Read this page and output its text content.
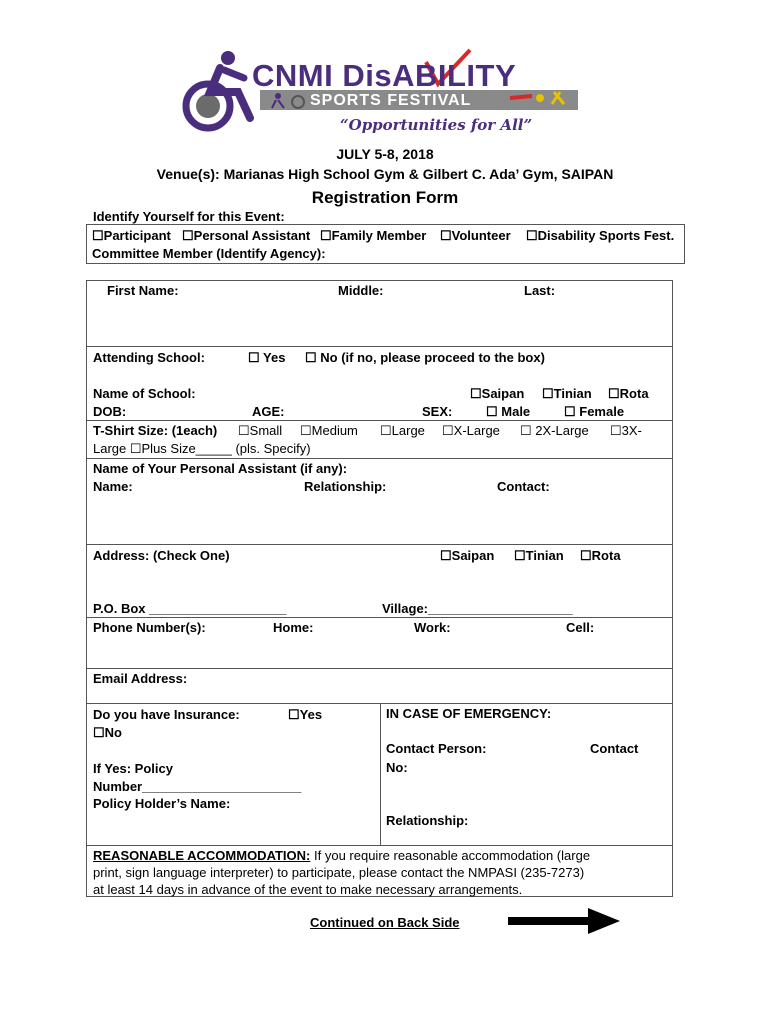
CNMI DisABILITY
SPORTS FESTIVAL
“Opportunities for All”
JULY 5-8, 2018
Venue(s): Marianas High School Gym & Gilbert C. Ada’ Gym, SAIPAN
Registration Form
Identify Yourself for this Event:
☐Participant ☐Personal Assistant ☐Family Member ☐Volunteer ☐Disability Sports Fest.
Committee Member (Identify Agency):
First Name:	Middle:	Last:
Attending School:	☐ Yes ☐ No (if no, please proceed to the box)
Name of School:	☐Saipan ☐Tinian ☐Rota
DOB:	AGE:	SEX:	☐ Male	☐ Female
T-Shirt Size: (1each) ☐Small ☐Medium ☐Large ☐X-Large ☐ 2X-Large ☐3X-
Large ☐Plus Size_____ (pls. Specify)
Name of Your Personal Assistant (if any):
Name:	Relationship:	Contact:
Address: (Check One)	☐Saipan ☐Tinian ☐Rota
P.O. Box ___________________	Village:____________________
Phone Number(s):	Home:	Work:	Cell:
Email Address:
Do you have Insurance:	☐Yes
☐No
If Yes: Policy
Number______________________
Policy Holder’s Name:
IN CASE OF EMERGENCY:
Contact Person:	Contact
No:
Relationship:
REASONABLE ACCOMMODATION: If you require reasonable accommodation (large
print, sign language interpreter) to participate, please contact the NMPASI (235-7273)
at least 14 days in advance of the event to make necessary arrangements.
Continued on Back Side
